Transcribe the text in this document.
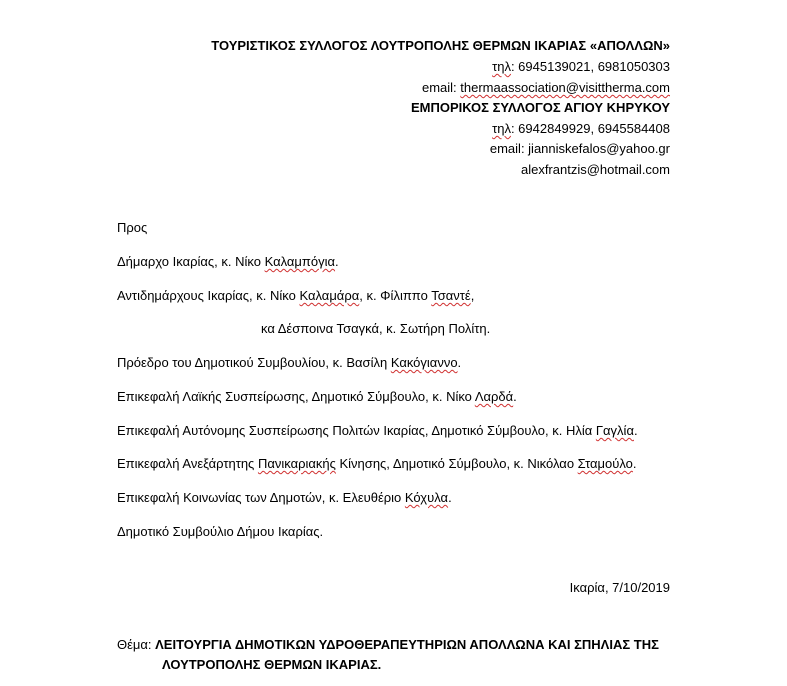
ΤΟΥΡΙΣΤΙΚΟΣ ΣΥΛΛΟΓΟΣ ΛΟΥΤΡΟΠΟΛΗΣ ΘΕΡΜΩΝ ΙΚΑΡΙΑΣ «ΑΠΟΛΛΩΝ»
τηλ: 6945139021, 6981050303
email: thermaassociation@visittherma.com
ΕΜΠΟΡΙΚΟΣ ΣΥΛΛΟΓΟΣ ΑΓΙΟΥ ΚΗΡΥΚΟΥ
τηλ: 6942849929, 6945584408
email: jianniskefalos@yahoo.gr
alexfrantzis@hotmail.com
Προς
Δήμαρχο Ικαρίας, κ. Νίκο Καλαμπόγια.
Αντιδημάρχους Ικαρίας, κ. Νίκο Καλαμάρα, κ. Φίλιππο Τσαντέ,
κα Δέσποινα Τσαγκά, κ. Σωτήρη Πολίτη.
Πρόεδρο του Δημοτικού Συμβουλίου, κ. Βασίλη Κακόγιαννο.
Επικεφαλή Λαϊκής Συσπείρωσης, Δημοτικό Σύμβουλο, κ. Νίκο Λαρδά.
Επικεφαλή Αυτόνομης Συσπείρωσης Πολιτών Ικαρίας, Δημοτικό Σύμβουλο, κ. Ηλία Γαγλία.
Επικεφαλή Ανεξάρτητης Πανικαριακής Κίνησης, Δημοτικό Σύμβουλο, κ. Νικόλαο Σταμούλο.
Επικεφαλή Κοινωνίας των Δημοτών, κ. Ελευθέριο Κόχυλα.
Δημοτικό Συμβούλιο Δήμου Ικαρίας.
Ικαρία, 7/10/2019
Θέμα: ΛΕΙΤΟΥΡΓΙΑ ΔΗΜΟΤΙΚΩΝ ΥΔΡΟΘΕΡΑΠΕΥΤΗΡΙΩΝ ΑΠΟΛΛΩΝΑ ΚΑΙ ΣΠΗΛΙΑΣ ΤΗΣ
ΛΟΥΤΡΟΠΟΛΗΣ ΘΕΡΜΩΝ ΙΚΑΡΙΑΣ.
